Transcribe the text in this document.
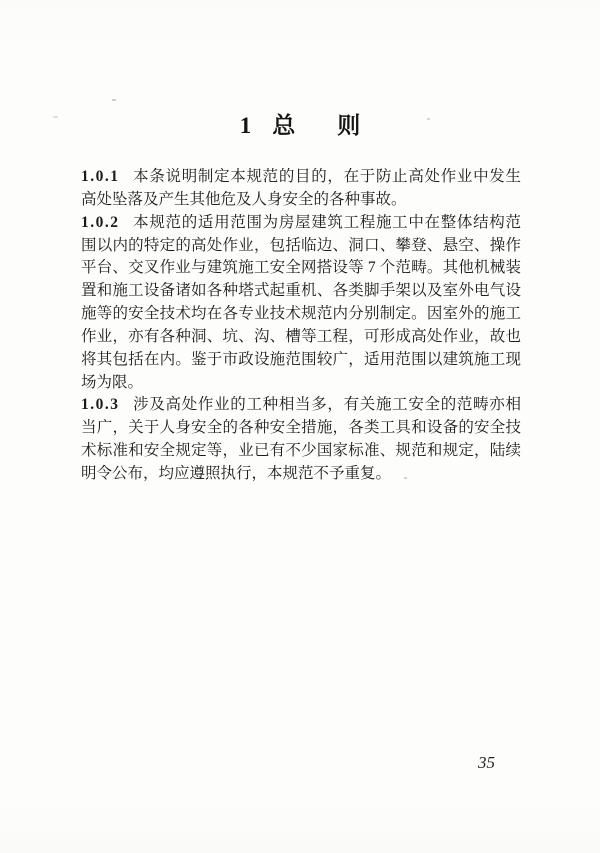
1 总 则
1.0.1 本条说明制定本规范的目的，在于防止高处作业中发生
高处坠落及产生其他危及人身安全的各种事故。
1.0.2 本规范的适用范围为房屋建筑工程施工中在整体结构范
围以内的特定的高处作业，包括临边、洞口、攀登、悬空、操作
平台、交叉作业与建筑施工安全网搭设等 7 个范畴。其他机械装
置和施工设备诸如各种塔式起重机、各类脚手架以及室外电气设
施等的安全技术均在各专业技术规范内分别制定。因室外的施工
作业，亦有各种洞、坑、沟、槽等工程，可形成高处作业，故也
将其包括在内。鉴于市政设施范围较广，适用范围以建筑施工现
场为限。
1.0.3 涉及高处作业的工种相当多，有关施工安全的范畴亦相
当广，关于人身安全的各种安全措施，各类工具和设备的安全技
术标准和安全规定等，业已有不少国家标准、规范和规定，陆续
明令公布，均应遵照执行，本规范不予重复。
35
